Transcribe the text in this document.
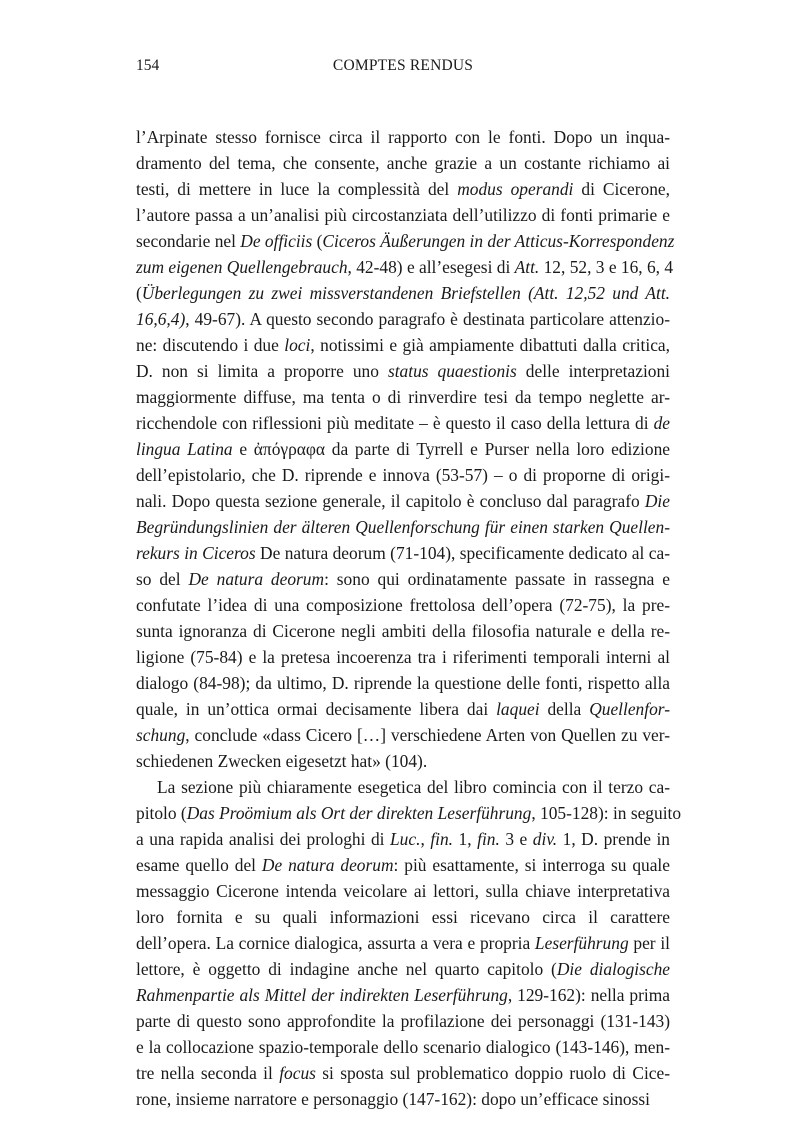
154	COMPTES RENDUS
l’Arpinate stesso fornisce circa il rapporto con le fonti. Dopo un inqua-
dramento del tema, che consente, anche grazie a un costante richiamo ai
testi, di mettere in luce la complessità del modus operandi di Cicerone,
l’autore passa a un’analisi più circostanziata dell’utilizzo di fonti primarie e
secondarie nel De officiis (Ciceros Äußerungen in der Atticus-Korrespondenz
zum eigenen Quellengebrauch, 42-48) e all’esegesi di Att. 12, 52, 3 e 16, 6, 4
(Überlegungen zu zwei missverstandenen Briefstellen (Att. 12,52 und Att.
16,6,4), 49-67). A questo secondo paragrafo è destinata particolare attenzio-
ne: discutendo i due loci, notissimi e già ampiamente dibattuti dalla critica,
D. non si limita a proporre uno status quaestionis delle interpretazioni
maggiormente diffuse, ma tenta o di rinverdire tesi da tempo neglette ar-
ricchendole con riflessioni più meditate – è questo il caso della lettura di de
lingua Latina e ἀπόγραφα da parte di Tyrrell e Purser nella loro edizione
dell’epistolario, che D. riprende e innova (53-57) – o di proporne di origi-
nali. Dopo questa sezione generale, il capitolo è concluso dal paragrafo Die
Begründungslinien der älteren Quellenforschung für einen starken Quellen-
rekurs in Ciceros De natura deorum (71-104), specificamente dedicato al ca-
so del De natura deorum: sono qui ordinatamente passate in rassegna e
confutate l’idea di una composizione frettolosa dell’opera (72-75), la pre-
sunta ignoranza di Cicerone negli ambiti della filosofia naturale e della re-
ligione (75-84) e la pretesa incoerenza tra i riferimenti temporali interni al
dialogo (84-98); da ultimo, D. riprende la questione delle fonti, rispetto alla
quale, in un’ottica ormai decisamente libera dai laquei della Quellenfor-
schung, conclude «dass Cicero […] verschiedene Arten von Quellen zu ver-
schiedenen Zwecken eigesetzt hat» (104).
La sezione più chiaramente esegetica del libro comincia con il terzo ca-
pitolo (Das Proömium als Ort der direkten Leserführung, 105-128): in seguito
a una rapida analisi dei prologhi di Luc., fin. 1, fin. 3 e div. 1, D. prende in
esame quello del De natura deorum: più esattamente, si interroga su quale
messaggio Cicerone intenda veicolare ai lettori, sulla chiave interpretativa
loro fornita e su quali informazioni essi ricevano circa il carattere
dell’opera. La cornice dialogica, assurta a vera e propria Leserführung per il
lettore, è oggetto di indagine anche nel quarto capitolo (Die dialogische
Rahmenpartie als Mittel der indirekten Leserführung, 129-162): nella prima
parte di questo sono approfondite la profilazione dei personaggi (131-143)
e la collocazione spazio-temporale dello scenario dialogico (143-146), men-
tre nella seconda il focus si sposta sul problematico doppio ruolo di Cice-
rone, insieme narratore e personaggio (147-162): dopo un’efficace sinossi
